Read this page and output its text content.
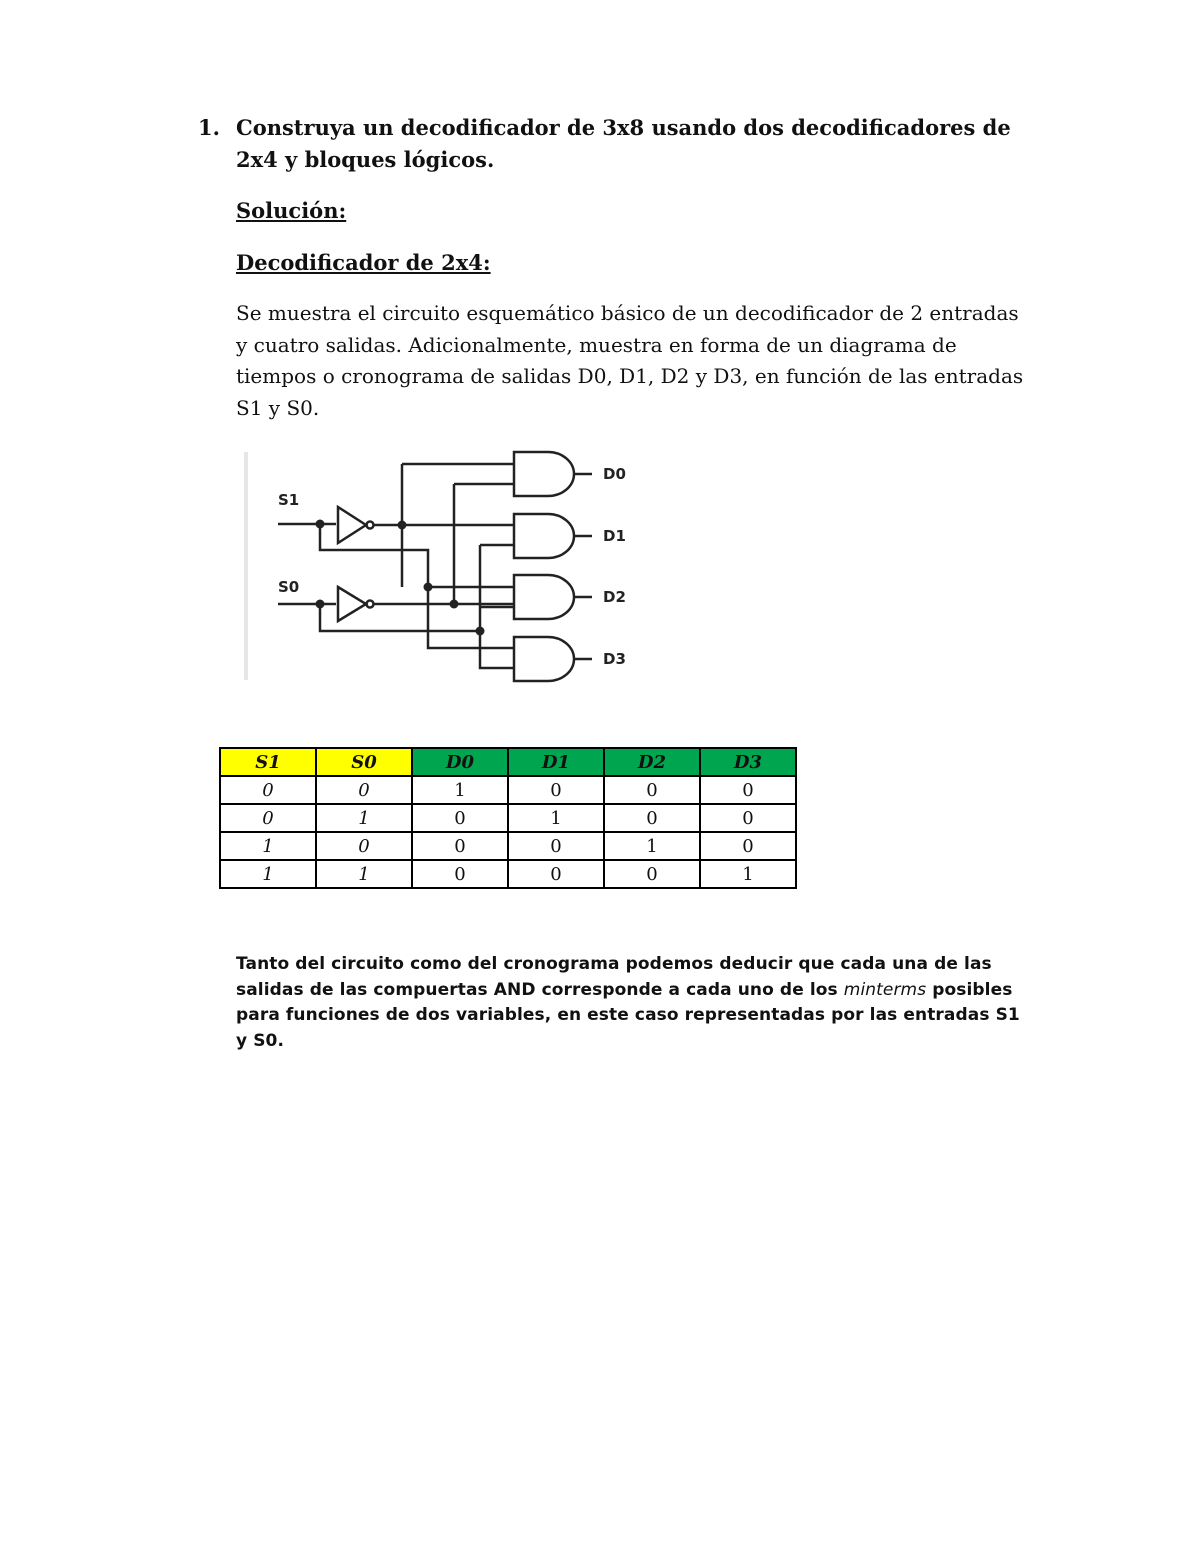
1. Construya un decodificador de 3x8 usando dos decodificadores de 2x4 y bloques lógicos.
Solución:
Decodificador de 2x4:
Se muestra el circuito esquemático básico de un decodificador de 2 entradas y cuatro salidas. Adicionalmente, muestra en forma de un diagrama de tiempos o cronograma de salidas D0, D1, D2 y D3, en función de las entradas S1 y S0.
S1
S0
D0
D1
D2
D3
S1	S0	D0	D1	D2	D3
0	0	1	0	0	0
0	1	0	1	0	0
1	0	0	0	1	0
1	1	0	0	0	1
Tanto del circuito como del cronograma podemos deducir que cada una de las salidas de las compuertas AND corresponde a cada uno de los minterms posibles para funciones de dos variables, en este caso representadas por las entradas S1 y S0.
